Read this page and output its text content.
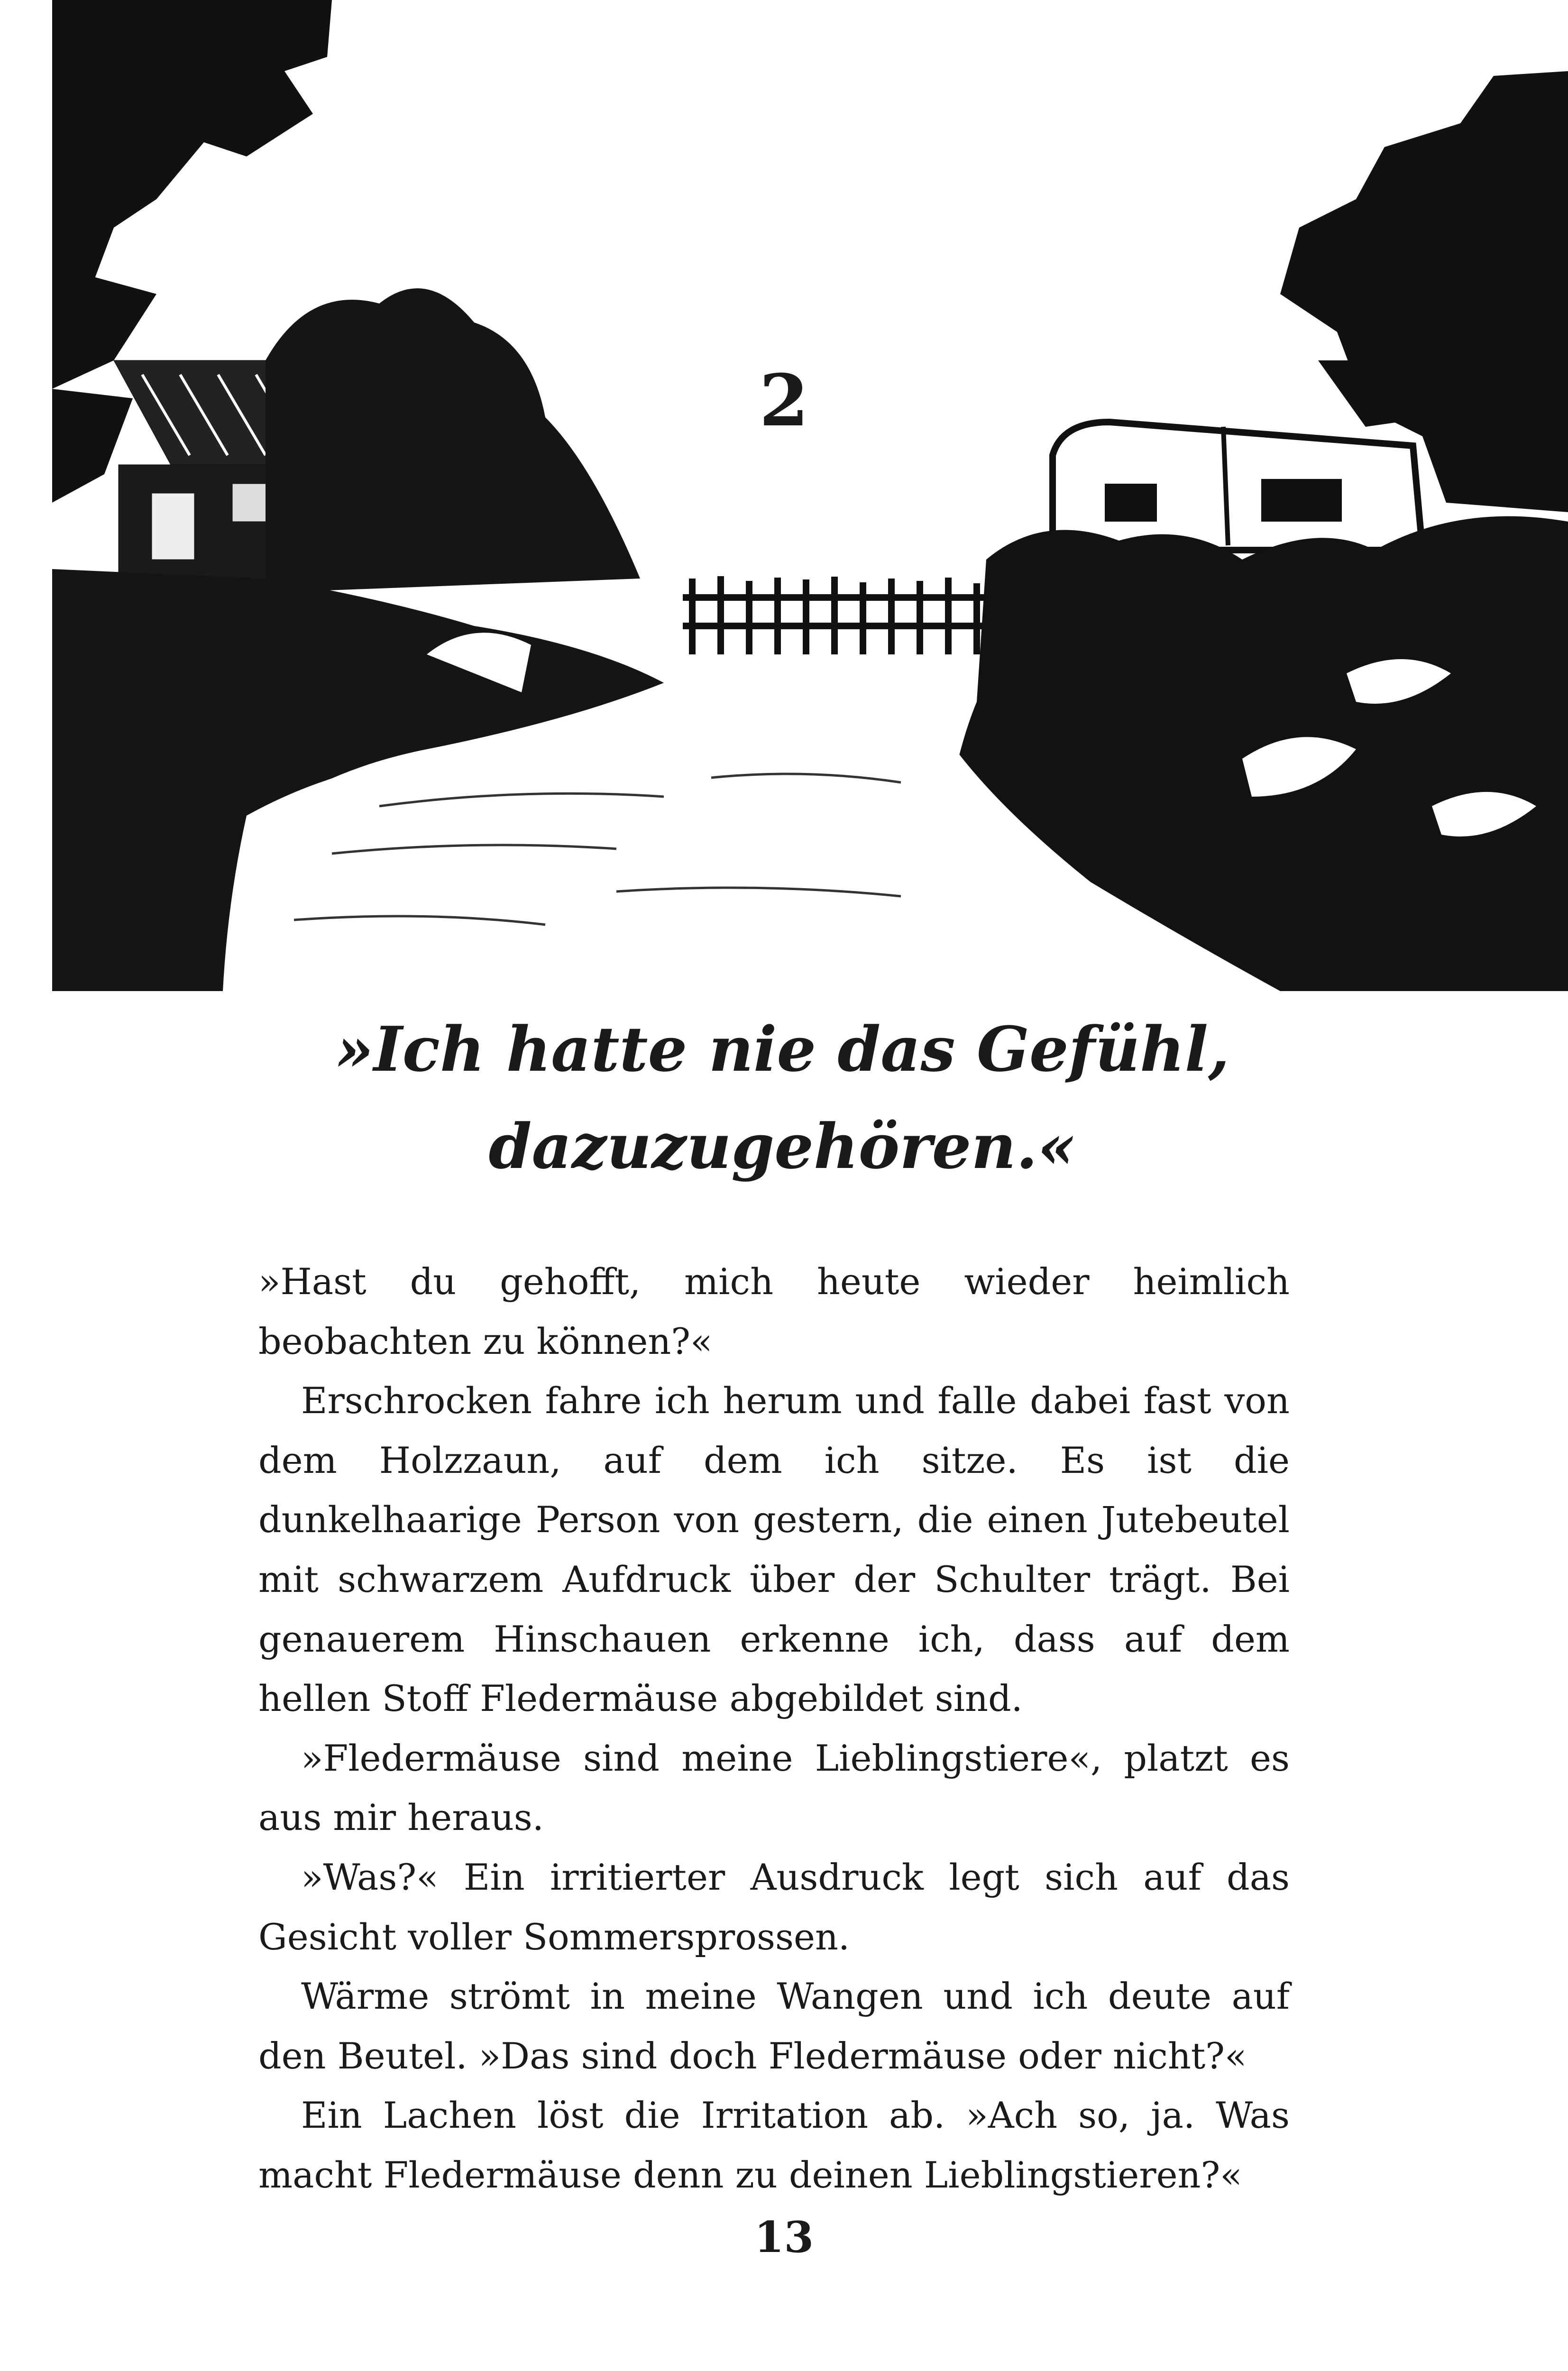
2
»Ich hatte nie das Gefühl,
dazuzugehören.«

»Hast du gehofft, mich heute wieder heimlich beobachten zu können?«

Erschrocken fahre ich herum und falle dabei fast von dem Holzzaun, auf dem ich sitze. Es ist die dunkelhaarige Person von gestern, die einen Jutebeutel mit schwarzem Aufdruck über der Schulter trägt. Bei genauerem Hinschauen erkenne ich, dass auf dem hellen Stoff Fledermäuse abgebildet sind.

»Fledermäuse sind meine Lieblingstiere«, platzt es aus mir heraus.

»Was?« Ein irritierter Ausdruck legt sich auf das Gesicht voller Sommersprossen.

Wärme strömt in meine Wangen und ich deute auf den Beutel. »Das sind doch Fledermäuse oder nicht?«

Ein Lachen löst die Irritation ab. »Ach so, ja. Was macht Fledermäuse denn zu deinen Lieblingstieren?«

13
